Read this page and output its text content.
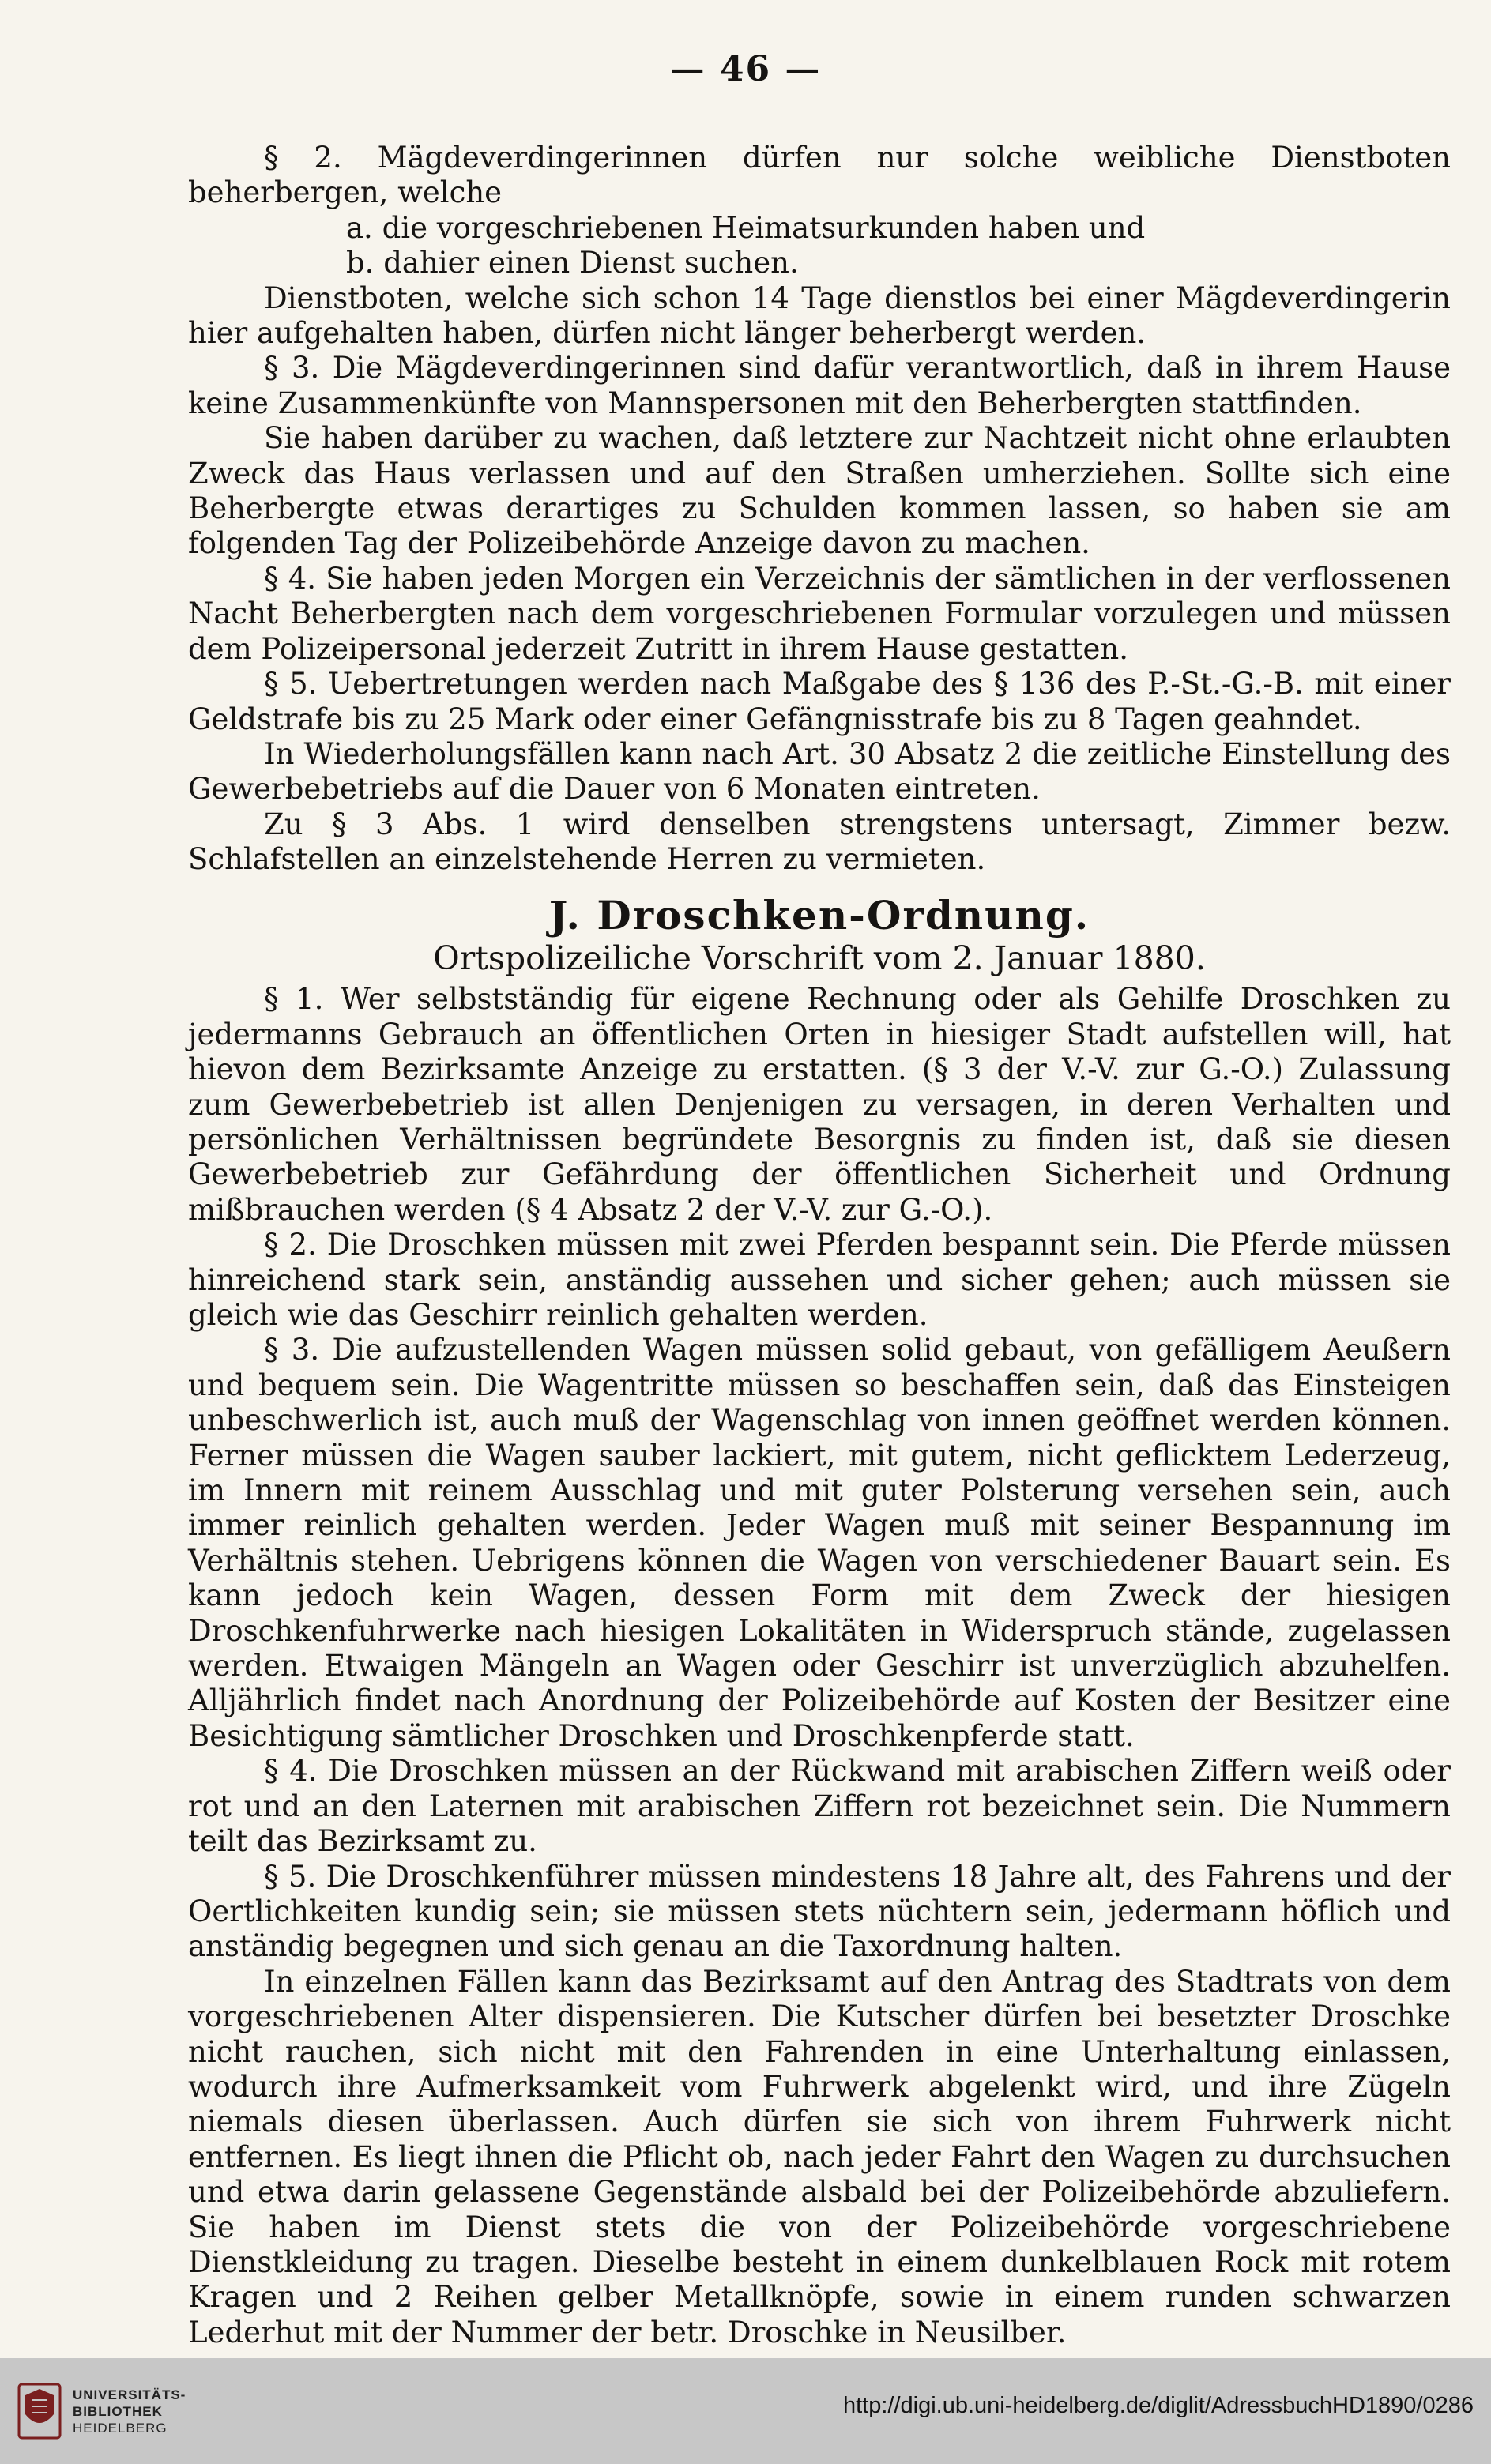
— 46 —

§ 2. Mägdeverdingerinnen dürfen nur solche weibliche Dienstboten beherbergen, welche

a. die vorgeschriebenen Heimatsurkunden haben und

b. dahier einen Dienst suchen.

Dienstboten, welche sich schon 14 Tage dienstlos bei einer Mägdeverdingerin hier aufgehalten haben, dürfen nicht länger beherbergt werden.

§ 3. Die Mägdeverdingerinnen sind dafür verantwortlich, daß in ihrem Hause keine Zusammenkünfte von Mannspersonen mit den Beherbergten stattfinden.

Sie haben darüber zu wachen, daß letztere zur Nachtzeit nicht ohne erlaubten Zweck das Haus verlassen und auf den Straßen umherziehen. Sollte sich eine Beherbergte etwas derartiges zu Schulden kommen lassen, so haben sie am folgenden Tag der Polizeibehörde Anzeige davon zu machen.

§ 4. Sie haben jeden Morgen ein Verzeichnis der sämtlichen in der verflossenen Nacht Beherbergten nach dem vorgeschriebenen Formular vorzulegen und müssen dem Polizeipersonal jederzeit Zutritt in ihrem Hause gestatten.

§ 5. Uebertretungen werden nach Maßgabe des § 136 des P.-St.-G.-B. mit einer Geldstrafe bis zu 25 Mark oder einer Gefängnisstrafe bis zu 8 Tagen geahndet.

In Wiederholungsfällen kann nach Art. 30 Absatz 2 die zeitliche Einstellung des Gewerbebetriebs auf die Dauer von 6 Monaten eintreten.

Zu § 3 Abs. 1 wird denselben strengstens untersagt, Zimmer bezw. Schlafstellen an einzelstehende Herren zu vermieten.

J. Droschken-Ordnung.
Ortspolizeiliche Vorschrift vom 2. Januar 1880.

§ 1. Wer selbstständig für eigene Rechnung oder als Gehilfe Droschken zu jedermanns Gebrauch an öffentlichen Orten in hiesiger Stadt aufstellen will, hat hievon dem Bezirksamte Anzeige zu erstatten. (§ 3 der V.-V. zur G.-O.) Zulassung zum Gewerbebetrieb ist allen Denjenigen zu versagen, in deren Verhalten und persönlichen Verhältnissen begründete Besorgnis zu finden ist, daß sie diesen Gewerbebetrieb zur Gefährdung der öffentlichen Sicherheit und Ordnung mißbrauchen werden (§ 4 Absatz 2 der V.-V. zur G.-O.).

§ 2. Die Droschken müssen mit zwei Pferden bespannt sein. Die Pferde müssen hinreichend stark sein, anständig aussehen und sicher gehen; auch müssen sie gleich wie das Geschirr reinlich gehalten werden.

§ 3. Die aufzustellenden Wagen müssen solid gebaut, von gefälligem Aeußern und bequem sein. Die Wagentritte müssen so beschaffen sein, daß das Einsteigen unbeschwerlich ist, auch muß der Wagenschlag von innen geöffnet werden können. Ferner müssen die Wagen sauber lackiert, mit gutem, nicht geflicktem Lederzeug, im Innern mit reinem Ausschlag und mit guter Polsterung versehen sein, auch immer reinlich gehalten werden. Jeder Wagen muß mit seiner Bespannung im Verhältnis stehen. Uebrigens können die Wagen von verschiedener Bauart sein. Es kann jedoch kein Wagen, dessen Form mit dem Zweck der hiesigen Droschkenfuhrwerke nach hiesigen Lokalitäten in Widerspruch stände, zugelassen werden. Etwaigen Mängeln an Wagen oder Geschirr ist unverzüglich abzuhelfen. Alljährlich findet nach Anordnung der Polizeibehörde auf Kosten der Besitzer eine Besichtigung sämtlicher Droschken und Droschkenpferde statt.

§ 4. Die Droschken müssen an der Rückwand mit arabischen Ziffern weiß oder rot und an den Laternen mit arabischen Ziffern rot bezeichnet sein. Die Nummern teilt das Bezirksamt zu.

§ 5. Die Droschkenführer müssen mindestens 18 Jahre alt, des Fahrens und der Oertlichkeiten kundig sein; sie müssen stets nüchtern sein, jedermann höflich und anständig begegnen und sich genau an die Taxordnung halten.

In einzelnen Fällen kann das Bezirksamt auf den Antrag des Stadtrats von dem vorgeschriebenen Alter dispensieren. Die Kutscher dürfen bei besetzter Droschke nicht rauchen, sich nicht mit den Fahrenden in eine Unterhaltung einlassen, wodurch ihre Aufmerksamkeit vom Fuhrwerk abgelenkt wird, und ihre Zügeln niemals diesen überlassen. Auch dürfen sie sich von ihrem Fuhrwerk nicht entfernen. Es liegt ihnen die Pflicht ob, nach jeder Fahrt den Wagen zu durchsuchen und etwa darin gelassene Gegenstände alsbald bei der Polizeibehörde abzuliefern. Sie haben im Dienst stets die von der Polizeibehörde vorgeschriebene Dienstkleidung zu tragen. Dieselbe besteht in einem dunkelblauen Rock mit rotem Kragen und 2 Reihen gelber Metallknöpfe, sowie in einem runden schwarzen Lederhut mit der Nummer der betr. Droschke in Neusilber.

UNIVERSITÄTS-
BIBLIOTHEK
HEIDELBERG
http://digi.ub.uni-heidelberg.de/diglit/AdressbuchHD1890/0286
